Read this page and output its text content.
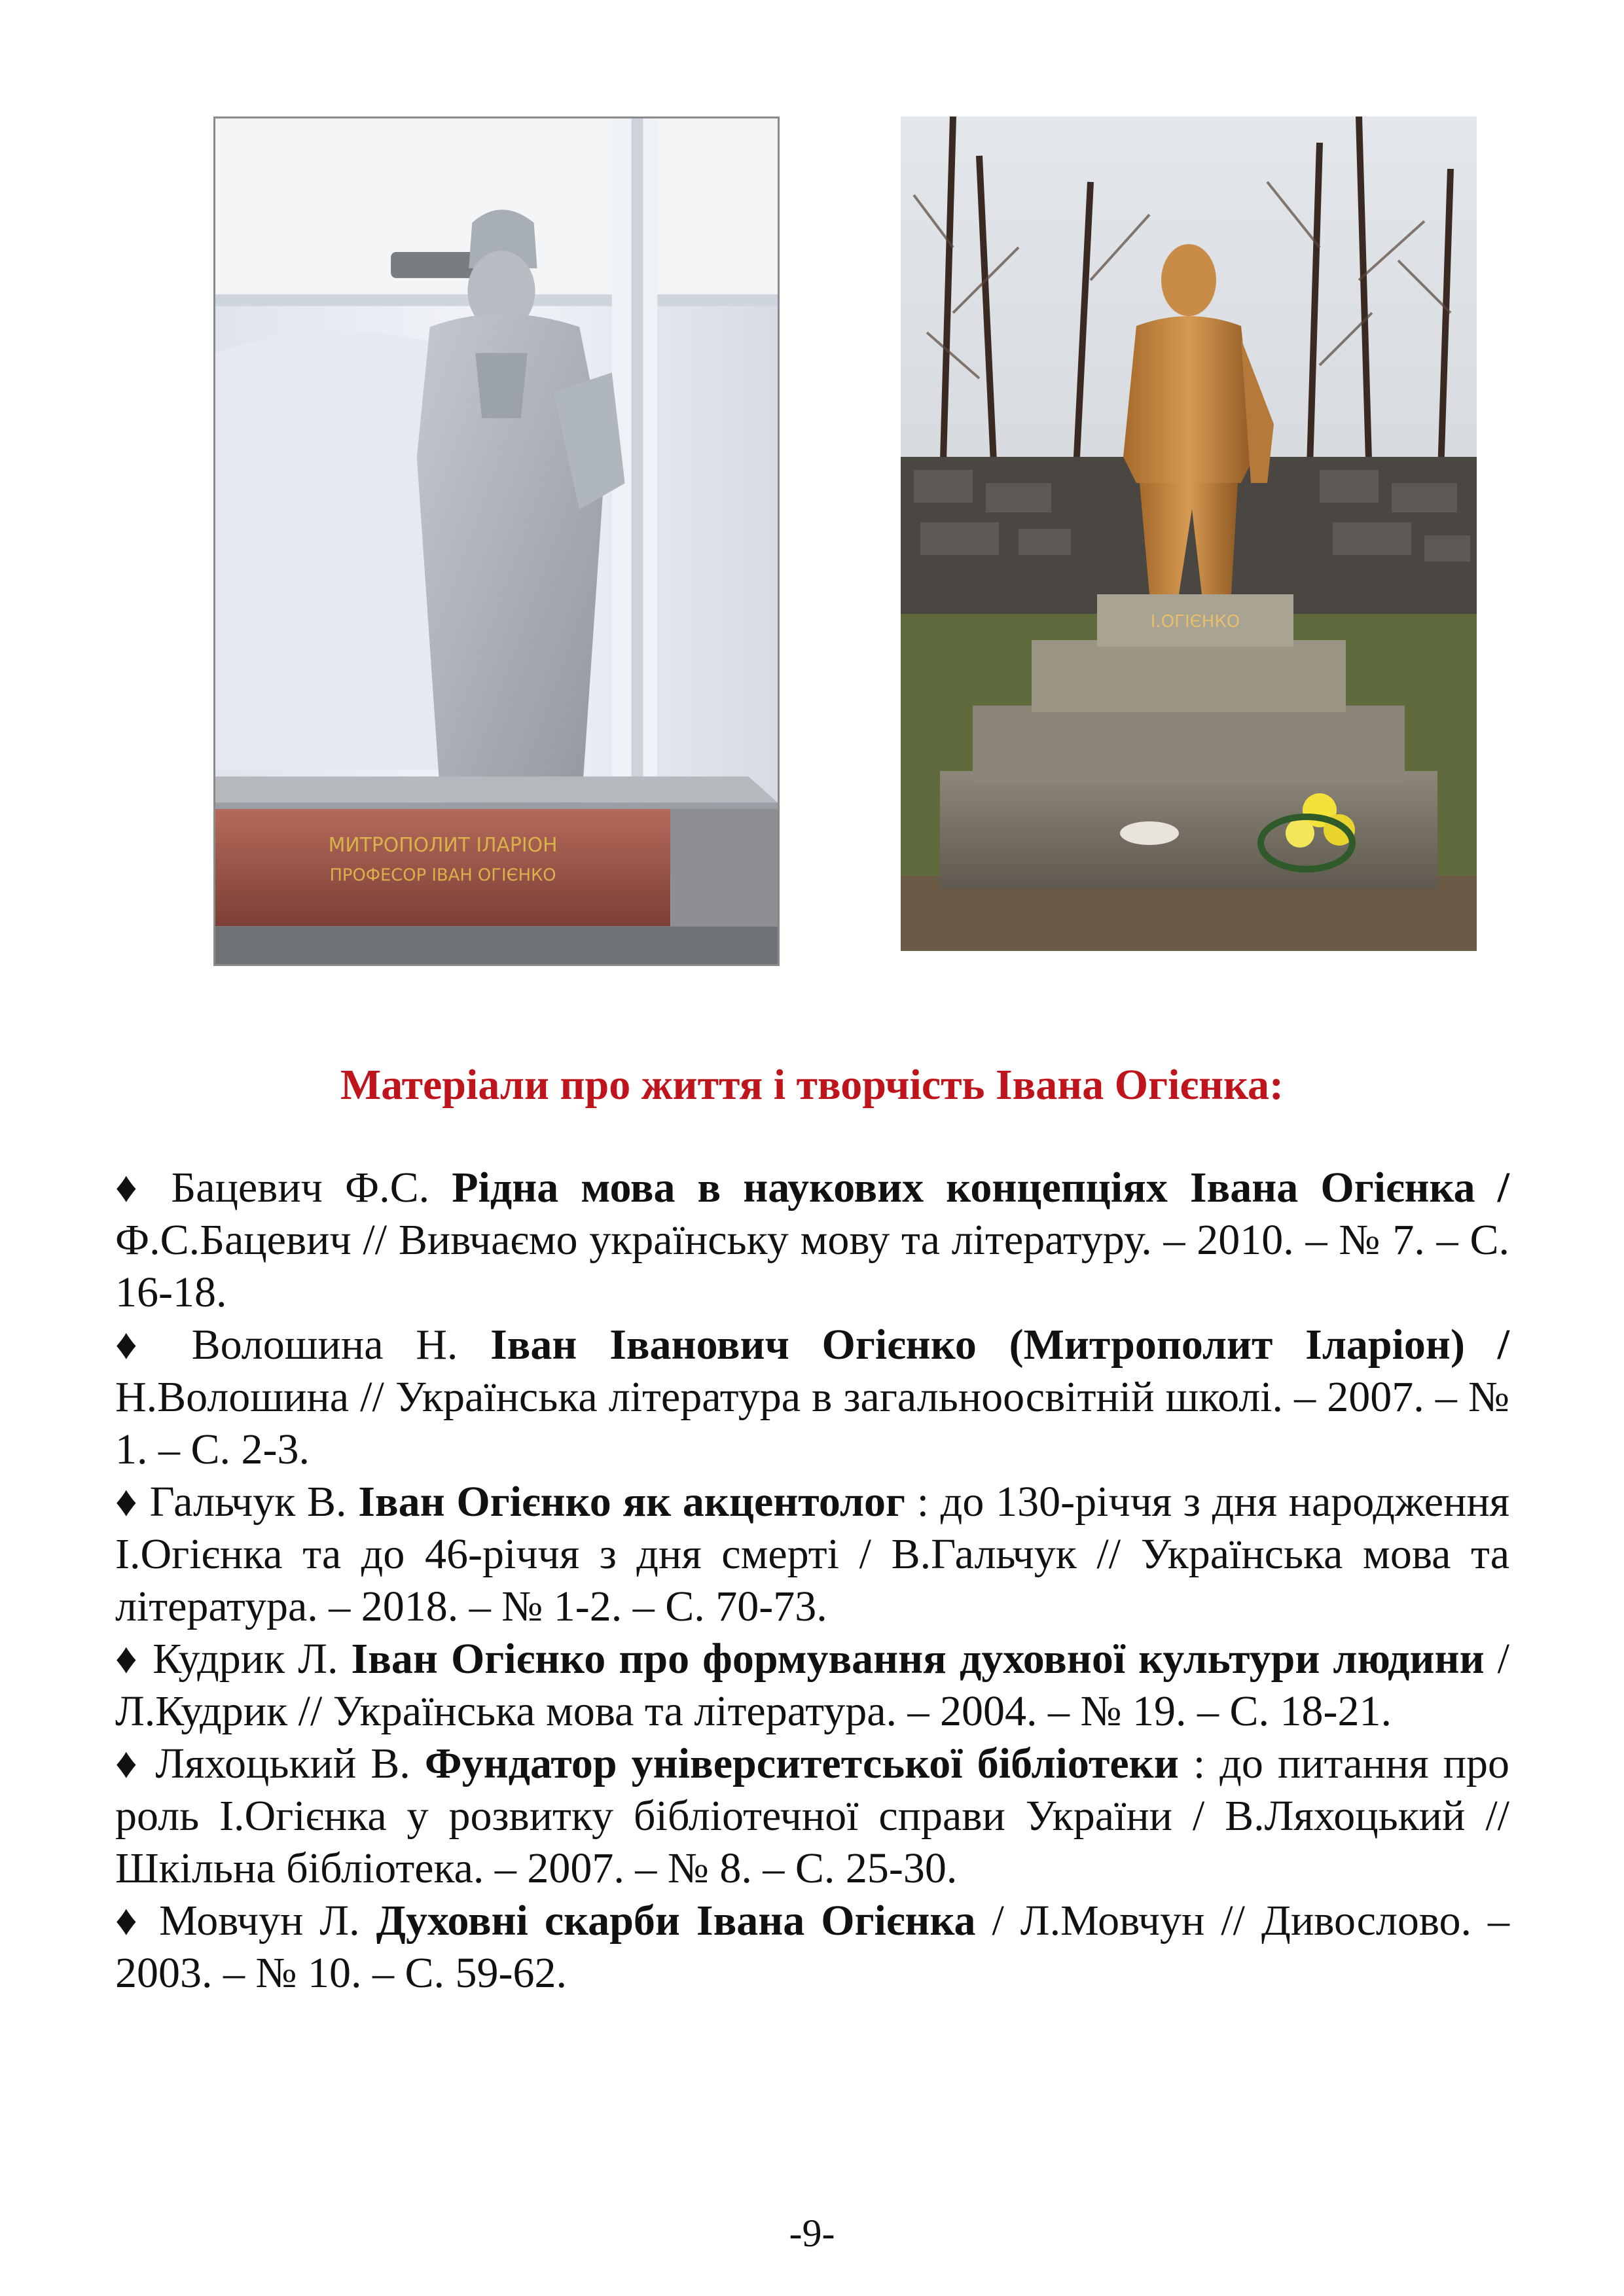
МИТРОПОЛИТ ІЛАРІОН
ПРОФЕСОР ІВАН ОГІЄНКО
І.ОГІЄНКО
Матеріали про життя і творчість Івана Огієнка:

♦ Бацевич Ф.С. Рідна мова в наукових концепціях Івана Огієнка / Ф.С.Бацевич // Вивчаємо українську мову та літературу. – 2010. – № 7. – С. 16-18.

♦ Волошина Н. Іван Іванович Огієнко (Митрополит Іларіон) / Н.Волошина // Українська література в загальноосвітній школі. – 2007. – № 1. – С. 2-3.

♦ Гальчук В. Іван Огієнко як акцентолог : до 130-річчя з дня народження І.Огієнка та до 46-річчя з дня смерті / В.Гальчук // Українська мова та література. – 2018. – № 1-2. – С. 70-73.

♦ Кудрик Л. Іван Огієнко про формування духовної культури людини / Л.Кудрик // Українська мова та література. – 2004. – № 19. – С. 18-21.

♦ Ляхоцький В. Фундатор університетської бібліотеки : до питання про роль І.Огієнка у розвитку бібліотечної справи України / В.Ляхоцький // Шкільна бібліотека. – 2007. – № 8. – С. 25-30.

♦ Мовчун Л. Духовні скарби Івана Огієнка / Л.Мовчун // Дивослово. – 2003. – № 10. – С. 59-62.

-9-
